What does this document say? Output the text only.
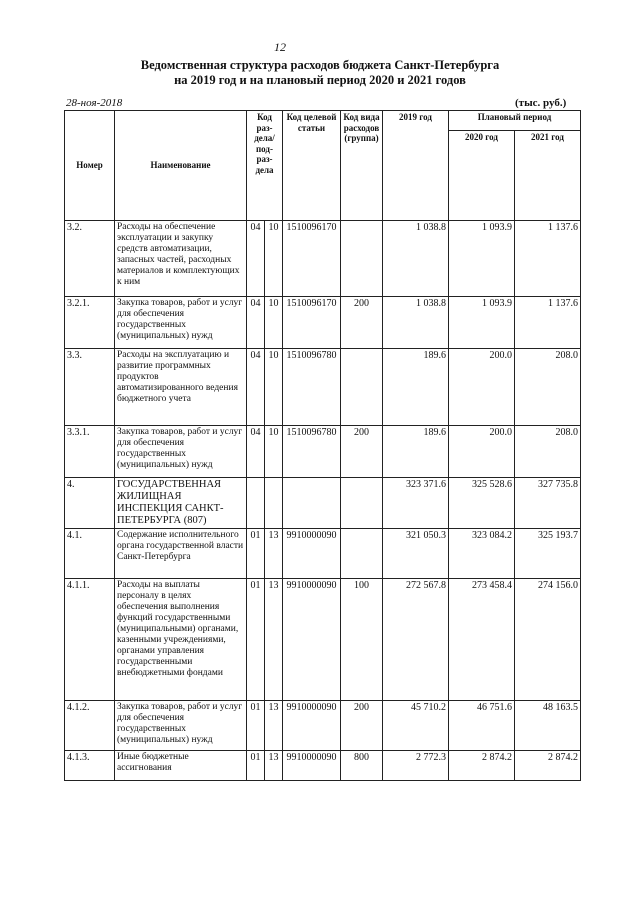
12
Ведомственная структура расходов бюджета Санкт-Петербурга
на 2019 год и на плановый период 2020 и 2021 годов
28-ноя-2018	(тыс. руб.)
Номер	Наименование	Код раз- дела/ под- раз- дела		Код целевой статьи	Код вида расходов (группа)	2019 год	Плановый период	
							2020 год	2021 год
3.2.	Расходы на обеспечение эксплуатации и закупку средств автоматизации, запасных частей, расходных материалов и комплектующих к ним	04	10	1510096170		1 038.8	1 093.9	1 137.6
3.2.1.	Закупка товаров, работ и услуг для обеспечения государственных (муниципальных) нужд	04	10	1510096170	200	1 038.8	1 093.9	1 137.6
3.3.	Расходы на эксплуатацию и развитие программных продуктов автоматизированного ведения бюджетного учета	04	10	1510096780		189.6	200.0	208.0
3.3.1.	Закупка товаров, работ и услуг для обеспечения государственных (муниципальных) нужд	04	10	1510096780	200	189.6	200.0	208.0
4.	ГОСУДАРСТВЕННАЯ ЖИЛИЩНАЯ ИНСПЕКЦИЯ САНКТ-ПЕТЕРБУРГА (807)					323 371.6	325 528.6	327 735.8
4.1.	Содержание исполнительного органа государственной власти Санкт-Петербурга	01	13	9910000090		321 050.3	323 084.2	325 193.7
4.1.1.	Расходы на выплаты персоналу в целях обеспечения выполнения функций государственными (муниципальными) органами, казенными учреждениями, органами управления государственными внебюджетными фондами	01	13	9910000090	100	272 567.8	273 458.4	274 156.0
4.1.2.	Закупка товаров, работ и услуг для обеспечения государственных (муниципальных) нужд	01	13	9910000090	200	45 710.2	46 751.6	48 163.5
4.1.3.	Иные бюджетные ассигнования	01	13	9910000090	800	2 772.3	2 874.2	2 874.2
